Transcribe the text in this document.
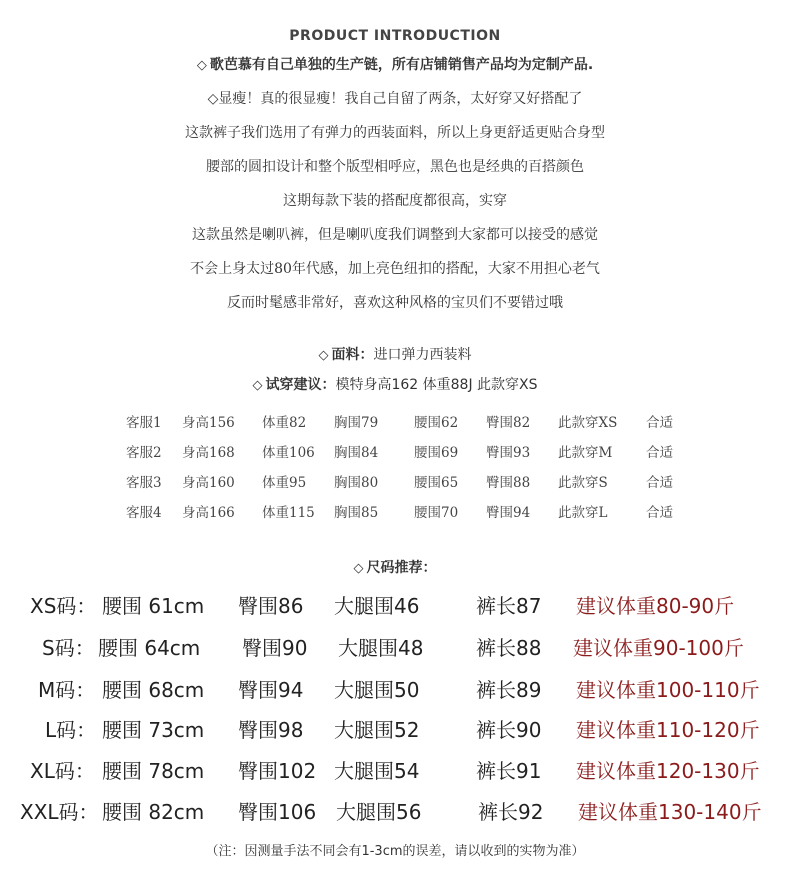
PRODUCT INTRODUCTION
◇ 歌芭慕有自己单独的生产链，所有店铺销售产品均为定制产品.
◇显瘦！真的很显瘦！我自己自留了两条，太好穿又好搭配了
这款裤子我们选用了有弹力的西装面料，所以上身更舒适更贴合身型
腰部的圆扣设计和整个版型相呼应，黑色也是经典的百搭颜色
这期每款下装的搭配度都很高，实穿
这款虽然是喇叭裤，但是喇叭度我们调整到大家都可以接受的感觉
不会上身太过80年代感，加上亮色纽扣的搭配，大家不用担心老气
反而时髦感非常好，喜欢这种风格的宝贝们不要错过哦
◇ 面料：进口弹力西装料
◇ 试穿建议：模特身高162 体重88J 此款穿XS
客服1 身高156 体重82 胸围79	腰围62 臀围82 此款穿XS 合适
客服2 身高168 体重106 胸围84	腰围69 臀围93 此款穿M 合适
客服3 身高160 体重95 胸围80	腰围65 臀围88 此款穿S	合适
客服4 身高166 体重115 胸围85	腰围70 臀围94 此款穿L	合适
◇ 尺码推荐：
XS码： 腰围 61cm 臀围86 大腿围46	裤长87 建议体重80-90斤
S码： 腰围 64cm 臀围90 大腿围48	裤长88 建议体重90-100斤
M码： 腰围 68cm 臀围94 大腿围50	裤长89 建议体重100-110斤
L码： 腰围 73cm 臀围98 大腿围52	裤长90 建议体重110-120斤
XL码： 腰围 78cm 臀围102 大腿围54	裤长91 建议体重120-130斤
XXL码： 腰围 82cm 臀围106 大腿围56	裤长92 建议体重130-140斤
（注：因测量手法不同会有1-3cm的误差，请以收到的实物为准）
